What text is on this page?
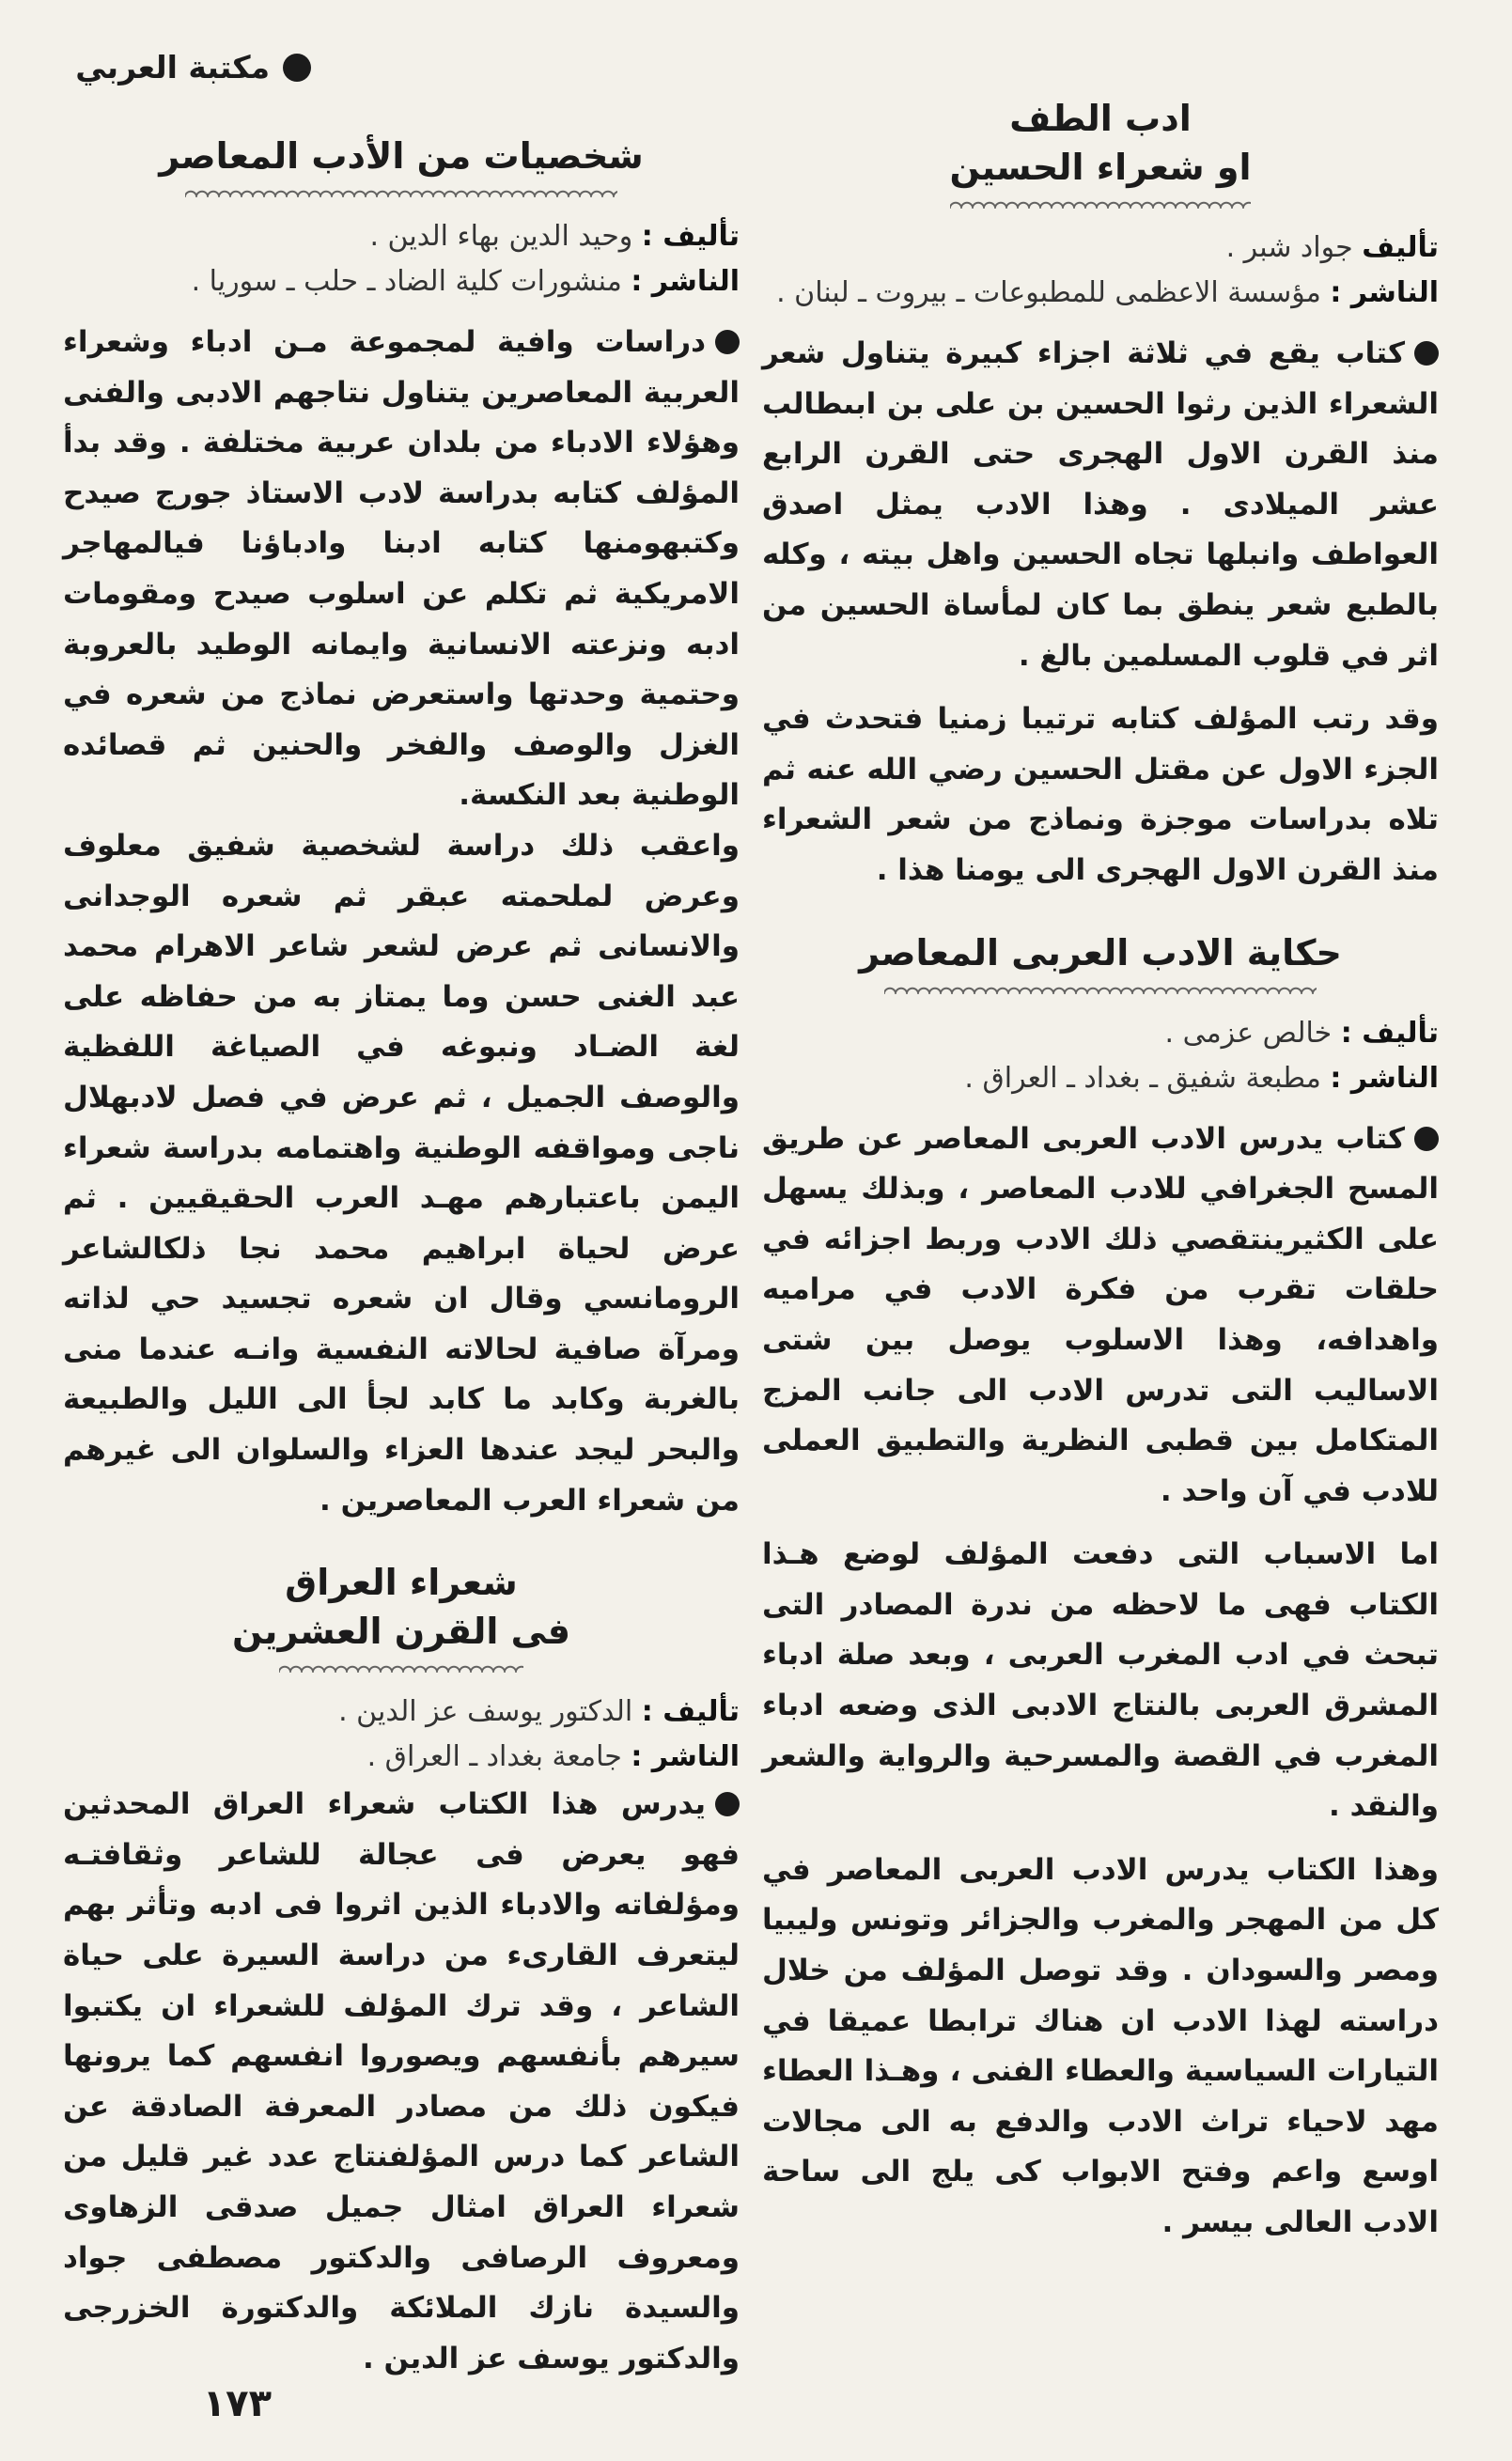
مكتبة العربي
ادب الطف
او شعراء الحسين
تأليف جواد شبر .
الناشر : مؤسسة الاعظمى للمطبوعات ـ بيروت ـ لبنان .

كتاب يقع في ثلاثة اجزاء كبيرة يتناول شعر الشعراء الذين رثوا الحسين بن على بن ابىطالب منذ القرن الاول الهجرى حتى القرن الرابع عشر الميلادى . وهذا الادب يمثل اصدق العواطف وانبلها تجاه الحسين واهل بيته ، وكله بالطبع شعر ينطق بما كان لمأساة الحسين من اثر في قلوب المسلمين بالغ .

وقد رتب المؤلف كتابه ترتيبا زمنيا فتحدث في الجزء الاول عن مقتل الحسين رضي الله عنه ثم تلاه بدراسات موجزة ونماذج من شعر الشعراء منذ القرن الاول الهجرى الى يومنا هذا .

حكاية الادب العربى المعاصر
تأليف : خالص عزمى .
الناشر : مطبعة شفيق ـ بغداد ـ العراق .

كتاب يدرس الادب العربى المعاصر عن طريق المسح الجغرافي للادب المعاصر ، وبذلك يسهل على الكثيرينتقصي ذلك الادب وربط اجزائه في حلقات تقرب من فكرة الادب في مراميه واهدافه، وهذا الاسلوب يوصل بين شتى الاساليب التى تدرس الادب الى جانب المزج المتكامل بين قطبى النظرية والتطبيق العملى للادب في آن واحد .

اما الاسباب التى دفعت المؤلف لوضع هـذا الكتاب فهى ما لاحظه من ندرة المصادر التى تبحث في ادب المغرب العربى ، وبعد صلة ادباء المشرق العربى بالنتاج الادبى الذى وضعه ادباء المغرب في القصة والمسرحية والرواية والشعر والنقد .

وهذا الكتاب يدرس الادب العربى المعاصر في كل من المهجر والمغرب والجزائر وتونس وليبيا ومصر والسودان . وقد توصل المؤلف من خلال دراسته لهذا الادب ان هناك ترابطا عميقا في التيارات السياسية والعطاء الفنى ، وهـذا العطاء مهد لاحياء تراث الادب والدفع به الى مجالات اوسع واعم وفتح الابواب كى يلج الى ساحة الادب العالى بيسر .

شخصيات من الأدب المعاصر
تأليف : وحيد الدين بهاء الدين .
الناشر : منشورات كلية الضاد ـ حلب ـ سوريا .

دراسات وافية لمجموعة مـن ادباء وشعراء العربية المعاصرين يتناول نتاجهم الادبى والفنى وهؤلاء الادباء من بلدان عربية مختلفة . وقد بدأ المؤلف كتابه بدراسة لادب الاستاذ جورج صيدح وكتبهومنها كتابه ادبنا وادباؤنا فيالمهاجر الامريكية ثم تكلم عن اسلوب صيدح ومقومات ادبه ونزعته الانسانية وايمانه الوطيد بالعروبة وحتمية وحدتها واستعرض نماذج من شعره في الغزل والوصف والفخر والحنين ثم قصائده الوطنية بعد النكسة.

واعقب ذلك دراسة لشخصية شفيق معلوف وعرض لملحمته عبقر ثم شعره الوجدانى والانسانى ثم عرض لشعر شاعر الاهرام محمد عبد الغنى حسن وما يمتاز به من حفاظه على لغة الضـاد ونبوغه في الصياغة اللفظية والوصف الجميل ، ثم عرض في فصل لادبهلال ناجى ومواقفه الوطنية واهتمامه بدراسة شعراء اليمن باعتبارهم مهـد العرب الحقيقيين . ثم عرض لحياة ابراهيم محمد نجا ذلكالشاعر الرومانسي وقال ان شعره تجسيد حي لذاته ومرآة صافية لحالاته النفسية وانـه عندما منى بالغربة وكابد ما كابد لجأ الى الليل والطبيعة والبحر ليجد عندها العزاء والسلوان الى غيرهم من شعراء العرب المعاصرين .

شعراء العراق
فى القرن العشرين
تأليف : الدكتور يوسف عز الدين .
الناشر : جامعة بغداد ـ العراق .

يدرس هذا الكتاب شعراء العراق المحدثين فهو يعرض فى عجالة للشاعر وثقافتـه ومؤلفاته والادباء الذين اثروا فى ادبه وتأثر بهم ليتعرف القارىء من دراسة السيرة على حياة الشاعر ، وقد ترك المؤلف للشعراء ان يكتبوا سيرهم بأنفسهم ويصوروا انفسهم كما يرونها فيكون ذلك من مصادر المعرفة الصادقة عن الشاعر كما درس المؤلفنتاج عدد غير قليل من شعراء العراق امثال جميل صدقى الزهاوى ومعروف الرصافى والدكتور مصطفى جواد والسيدة نازك الملائكة والدكتورة الخزرجى والدكتور يوسف عز الدين .

١٧٣
